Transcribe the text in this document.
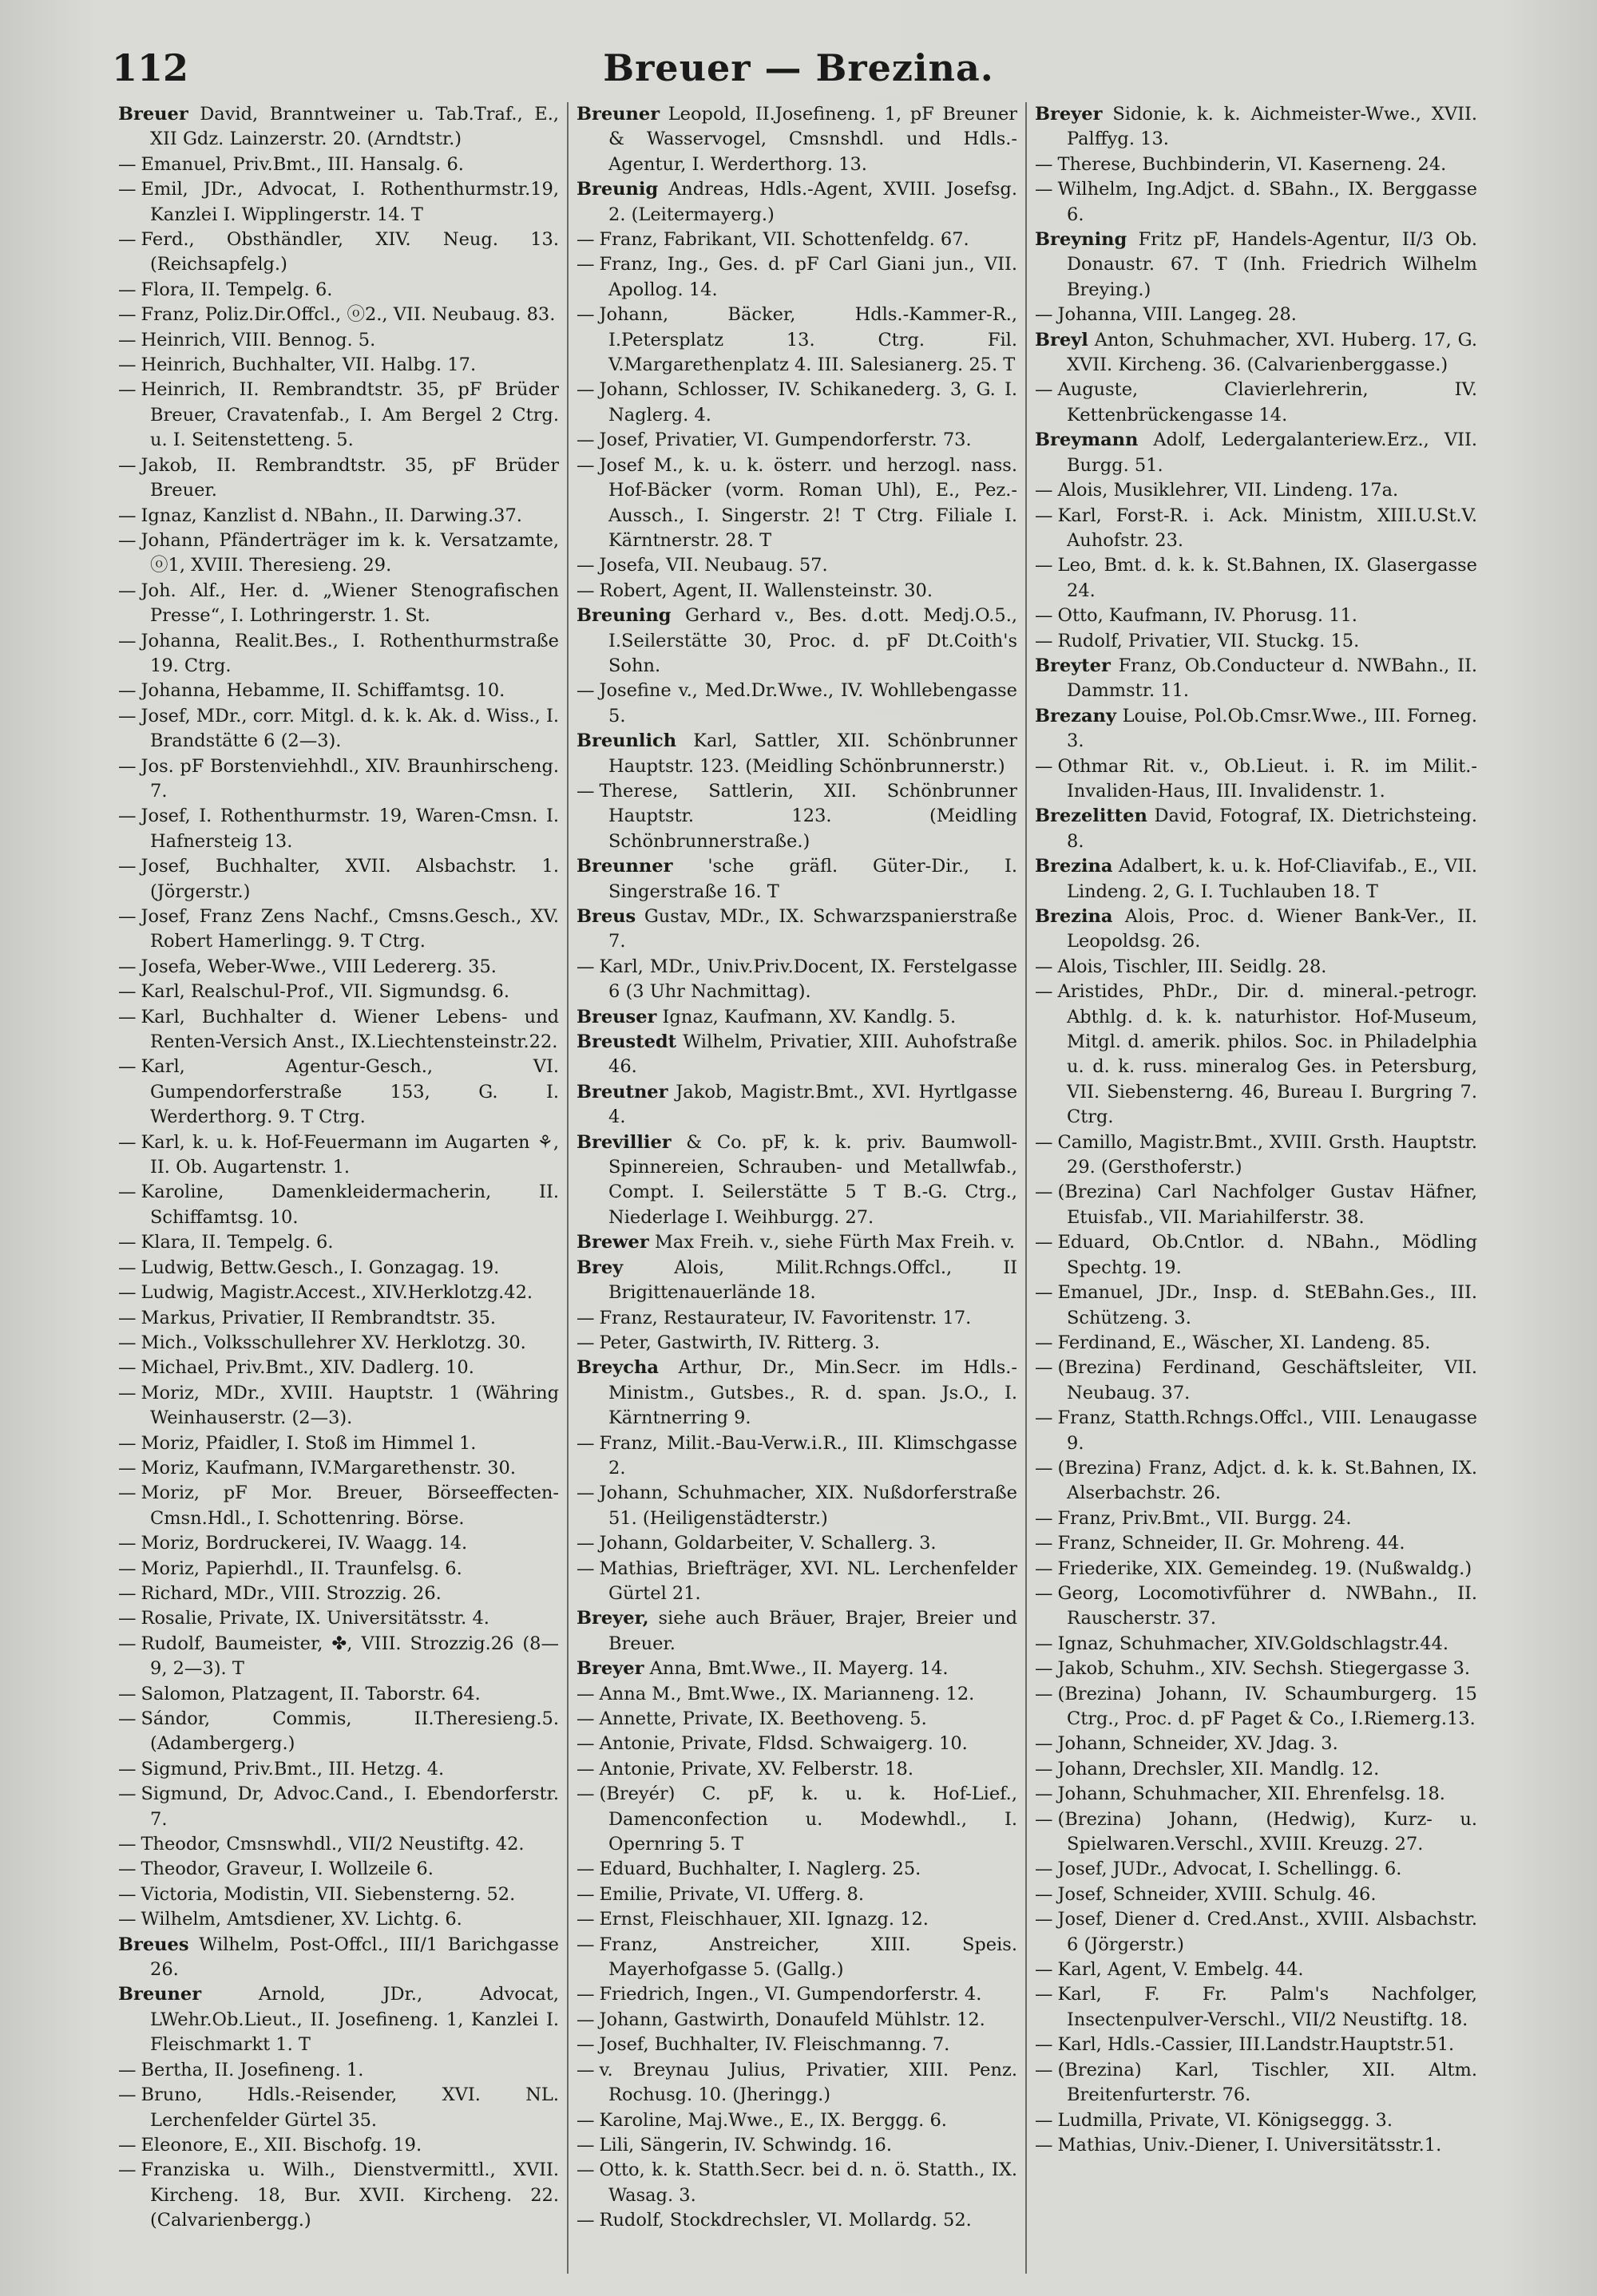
112	Breuer — Brezina.

Breuer David, Branntweiner u. Tab.Traf., E., XII Gdz. Lainzerstr. 20. (Arndtstr.)

— Emanuel, Priv.Bmt., III. Hansalg. 6.

— Emil, JDr., Advocat, I. Rothenthurmstr.19, Kanzlei I. Wipplingerstr. 14. T

— Ferd., Obsthändler, XIV. Neug. 13. (Reichsapfelg.)

— Flora, II. Tempelg. 6.

— Franz, Poliz.Dir.Offcl., ⓞ2., VII. Neubaug. 83.

— Heinrich, VIII. Bennog. 5.

— Heinrich, Buchhalter, VII. Halbg. 17.

— Heinrich, II. Rembrandtstr. 35, pF Brüder Breuer, Cravatenfab., I. Am Bergel 2 Ctrg. u. I. Seitenstetteng. 5.

— Jakob, II. Rembrandtstr. 35, pF Brüder Breuer.

— Ignaz, Kanzlist d. NBahn., II. Darwing.37.

— Johann, Pfänderträger im k. k. Versatzamte, ⓞ1, XVIII. Theresieng. 29.

— Joh. Alf., Her. d. „Wiener Stenografischen Presse“, I. Lothringerstr. 1. St.

— Johanna, Realit.Bes., I. Rothenthurmstraße 19. Ctrg.

— Johanna, Hebamme, II. Schiffamtsg. 10.

— Josef, MDr., corr. Mitgl. d. k. k. Ak. d. Wiss., I. Brandstätte 6 (2—3).

— Jos. pF Borstenviehhdl., XIV. Braunhirscheng. 7.

— Josef, I. Rothenthurmstr. 19, Waren-Cmsn. I. Hafnersteig 13.

— Josef, Buchhalter, XVII. Alsbachstr. 1. (Jörgerstr.)

— Josef, Franz Zens Nachf., Cmsns.Gesch., XV. Robert Hamerlingg. 9. T Ctrg.

— Josefa, Weber-Wwe., VIII Ledererg. 35.

— Karl, Realschul-Prof., VII. Sigmundsg. 6.

— Karl, Buchhalter d. Wiener Lebens- und Renten-Versich Anst., IX.Liechtensteinstr.22.

— Karl, Agentur-Gesch., VI. Gumpendorferstraße 153, G. I. Werderthorg. 9. T Ctrg.

— Karl, k. u. k. Hof-Feuermann im Augarten ⚘, II. Ob. Augartenstr. 1.

— Karoline, Damenkleidermacherin, II. Schiffamtsg. 10.

— Klara, II. Tempelg. 6.

— Ludwig, Bettw.Gesch., I. Gonzagag. 19.

— Ludwig, Magistr.Accest., XIV.Herklotzg.42.

— Markus, Privatier, II Rembrandtstr. 35.

— Mich., Volksschullehrer XV. Herklotzg. 30.

— Michael, Priv.Bmt., XIV. Dadlerg. 10.

— Moriz, MDr., XVIII. Hauptstr. 1 (Währing Weinhauserstr. (2—3).

— Moriz, Pfaidler, I. Stoß im Himmel 1.

— Moriz, Kaufmann, IV.Margarethenstr. 30.

— Moriz, pF Mor. Breuer, Börseeffecten-Cmsn.Hdl., I. Schottenring. Börse.

— Moriz, Bordruckerei, IV. Waagg. 14.

— Moriz, Papierhdl., II. Traunfelsg. 6.

— Richard, MDr., VIII. Strozzig. 26.

— Rosalie, Private, IX. Universitätsstr. 4.

— Rudolf, Baumeister, ✤, VIII. Strozzig.26 (8—9, 2—3). T

— Salomon, Platzagent, II. Taborstr. 64.

— Sándor, Commis, II.Theresieng.5. (Adambergerg.)

— Sigmund, Priv.Bmt., III. Hetzg. 4.

— Sigmund, Dr, Advoc.Cand., I. Ebendorferstr. 7.

— Theodor, Cmsnswhdl., VII/2 Neustiftg. 42.

— Theodor, Graveur, I. Wollzeile 6.

— Victoria, Modistin, VII. Siebensterng. 52.

— Wilhelm, Amtsdiener, XV. Lichtg. 6.

Breues Wilhelm, Post-Offcl., III/1 Barichgasse 26.

Breuner	Arnold, JDr., Advocat, LWehr.Ob.Lieut., II. Josefineng. 1, Kanzlei I. Fleischmarkt 1. T

— Bertha, II. Josefineng. 1.

— Bruno, Hdls.-Reisender, XVI. NL. Lerchenfelder Gürtel 35.

— Eleonore, E., XII. Bischofg. 19.

— Franziska u. Wilh., Dienstvermittl., XVII. Kircheng. 18, Bur. XVII. Kircheng. 22. (Calvarienbergg.)

Breuner Leopold, II.Josefineng. 1, pF Breuner & Wasservogel, Cmsnshdl. und Hdls.-Agentur, I. Werderthorg. 13.

Breunig Andreas, Hdls.-Agent, XVIII. Josefsg. 2. (Leitermayerg.)

— Franz, Fabrikant, VII. Schottenfeldg. 67.

— Franz, Ing., Ges. d. pF Carl Giani jun., VII. Apollog. 14.

— Johann, Bäcker, Hdls.-Kammer-R., I.Petersplatz 13. Ctrg. Fil. V.Margarethenplatz 4. III. Salesianerg. 25. T

— Johann, Schlosser, IV. Schikanederg. 3, G. I. Naglerg. 4.

— Josef, Privatier, VI. Gumpendorferstr. 73.

— Josef M., k. u. k. österr. und herzogl. nass. Hof-Bäcker (vorm. Roman Uhl), E., Pez.-Aussch., I. Singerstr. 2! T Ctrg. Filiale I. Kärntnerstr. 28. T

— Josefa, VII. Neubaug. 57.

— Robert, Agent, II. Wallensteinstr. 30.

Breuning Gerhard v., Bes. d.ott. Medj.O.5., I.Seilerstätte 30, Proc. d. pF Dt.Coith's Sohn.

— Josefine v., Med.Dr.Wwe., IV. Wohllebengasse 5.

Breunlich Karl, Sattler, XII. Schönbrunner Hauptstr. 123. (Meidling Schönbrunnerstr.)

— Therese, Sattlerin, XII. Schönbrunner Hauptstr. 123. (Meidling Schönbrunnerstraße.)

Breunner 'sche gräfl. Güter-Dir., I. Singerstraße 16. T

Breus Gustav, MDr., IX. Schwarzspanierstraße 7.

— Karl, MDr., Univ.Priv.Docent, IX. Ferstelgasse 6 (3 Uhr Nachmittag).

Breuser Ignaz, Kaufmann, XV. Kandlg. 5.

Breustedt Wilhelm, Privatier, XIII. Auhofstraße 46.

Breutner Jakob, Magistr.Bmt., XVI. Hyrtlgasse 4.

Brevillier & Co. pF, k. k. priv. Baumwoll-Spinnereien, Schrauben- und Metallwfab., Compt. I. Seilerstätte 5 T B.-G. Ctrg., Niederlage I. Weihburgg. 27.

Brewer Max Freih. v., siehe Fürth Max Freih. v.

Brey	Alois, Milit.Rchngs.Offcl., II Brigittenauerlände 18.

— Franz, Restaurateur, IV. Favoritenstr. 17.

— Peter, Gastwirth, IV. Ritterg. 3.

Breycha Arthur, Dr., Min.Secr. im Hdls.-Ministm., Gutsbes., R. d. span. Js.O., I. Kärntnerring 9.

— Franz, Milit.-Bau-Verw.i.R., III. Klimschgasse 2.

— Johann, Schuhmacher, XIX. Nußdorferstraße 51. (Heiligenstädterstr.)

— Johann, Goldarbeiter, V. Schallerg. 3.

— Mathias, Briefträger, XVI. NL. Lerchenfelder Gürtel 21.

Breyer, siehe auch Bräuer, Brajer, Breier und Breuer.

Breyer Anna, Bmt.Wwe., II. Mayerg. 14.

— Anna M., Bmt.Wwe., IX. Marianneng. 12.

— Annette, Private, IX. Beethoveng. 5.

— Antonie, Private, Fldsd. Schwaigerg. 10.

— Antonie, Private, XV. Felberstr. 18.

— (Breyér) C. pF, k. u. k. Hof-Lief., Damenconfection u. Modewhdl., I. Opernring 5. T

— Eduard, Buchhalter, I. Naglerg. 25.

— Emilie, Private, VI. Ufferg. 8.

— Ernst, Fleischhauer, XII. Ignazg. 12.

— Franz, Anstreicher, XIII. Speis. Mayerhofgasse 5. (Gallg.)

— Friedrich, Ingen., VI. Gumpendorferstr. 4.

— Johann, Gastwirth, Donaufeld Mühlstr. 12.

— Josef, Buchhalter, IV. Fleischmanng. 7.

— v. Breynau Julius, Privatier, XIII. Penz. Rochusg. 10. (Jheringg.)

— Karoline, Maj.Wwe., E., IX. Berggg. 6.

— Lili, Sängerin, IV. Schwindg. 16.

— Otto, k. k. Statth.Secr. bei d. n. ö. Statth., IX. Wasag. 3.

— Rudolf, Stockdrechsler, VI. Mollardg. 52.

Breyer Sidonie, k. k. Aichmeister-Wwe., XVII. Palffyg. 13.

— Therese, Buchbinderin, VI. Kaserneng. 24.

— Wilhelm, Ing.Adjct. d. SBahn., IX. Berggasse 6.

Breyning Fritz pF, Handels-Agentur, II/3 Ob. Donaustr. 67. T (Inh. Friedrich Wilhelm Breying.)

— Johanna, VIII. Langeg. 28.

Breyl Anton, Schuhmacher, XVI. Huberg. 17, G. XVII. Kircheng. 36. (Calvarienberggasse.)

— Auguste, Clavierlehrerin, IV. Kettenbrückengasse 14.

Breymann Adolf, Ledergalanteriew.Erz., VII. Burgg. 51.

— Alois, Musiklehrer, VII. Lindeng. 17a.

— Karl, Forst-R. i. Ack. Ministm, XIII.U.St.V. Auhofstr. 23.

— Leo, Bmt. d. k. k. St.Bahnen, IX. Glasergasse 24.

— Otto, Kaufmann, IV. Phorusg. 11.

— Rudolf, Privatier, VII. Stuckg. 15.

Breyter Franz, Ob.Conducteur d. NWBahn., II. Dammstr. 11.

Brezany Louise, Pol.Ob.Cmsr.Wwe., III. Forneg. 3.

— Othmar Rit. v., Ob.Lieut. i. R. im Milit.-Invaliden-Haus, III. Invalidenstr. 1.

Brezelitten David, Fotograf, IX. Dietrichsteing. 8.

Brezina Adalbert, k. u. k. Hof-Cliavifab., E., VII. Lindeng. 2, G. I. Tuchlauben 18. T

Brezina Alois, Proc. d. Wiener Bank-Ver., II. Leopoldsg. 26.

— Alois, Tischler, III. Seidlg. 28.

— Aristides, PhDr., Dir. d. mineral.-petrogr. Abthlg. d. k. k. naturhistor. Hof-Museum, Mitgl. d. amerik. philos. Soc. in Philadelphia u. d. k. russ. mineralog Ges. in Petersburg, VII. Siebensterng. 46, Bureau I. Burgring 7. Ctrg.

— Camillo, Magistr.Bmt., XVIII. Grsth. Hauptstr. 29. (Gersthoferstr.)

— (Brezina) Carl Nachfolger Gustav Häfner, Etuisfab., VII. Mariahilferstr. 38.

— Eduard, Ob.Cntlor. d. NBahn., Mödling Spechtg. 19.

— Emanuel, JDr., Insp. d. StEBahn.Ges., III. Schützeng. 3.

— Ferdinand, E., Wäscher, XI. Landeng. 85.

— (Brezina) Ferdinand, Geschäftsleiter, VII. Neubaug. 37.

— Franz, Statth.Rchngs.Offcl., VIII. Lenaugasse 9.

— (Brezina) Franz, Adjct. d. k. k. St.Bahnen, IX. Alserbachstr. 26.

— Franz, Priv.Bmt., VII. Burgg. 24.

— Franz, Schneider, II. Gr. Mohreng. 44.

— Friederike, XIX. Gemeindeg. 19. (Nußwaldg.)

— Georg, Locomotivführer d. NWBahn., II. Rauscherstr. 37.

— Ignaz, Schuhmacher, XIV.Goldschlagstr.44.

— Jakob, Schuhm., XIV. Sechsh. Stiegergasse 3.

— (Brezina) Johann, IV. Schaumburgerg. 15 Ctrg., Proc. d. pF Paget & Co., I.Riemerg.13.

— Johann, Schneider, XV. Jdag. 3.

— Johann, Drechsler, XII. Mandlg. 12.

— Johann, Schuhmacher, XII. Ehrenfelsg. 18.

— (Brezina) Johann, (Hedwig), Kurz- u. Spielwaren.Verschl., XVIII. Kreuzg. 27.

— Josef, JUDr., Advocat, I. Schellingg. 6.

— Josef, Schneider, XVIII. Schulg. 46.

— Josef, Diener d. Cred.Anst., XVIII. Alsbachstr. 6 (Jörgerstr.)

— Karl, Agent, V. Embelg. 44.

— Karl, F. Fr. Palm's Nachfolger, Insectenpulver-Verschl., VII/2 Neustiftg. 18.

— Karl, Hdls.-Cassier, III.Landstr.Hauptstr.51.

— (Brezina) Karl, Tischler, XII. Altm. Breitenfurterstr. 76.

— Ludmilla, Private, VI. Königseggg. 3.

— Mathias, Univ.-Diener, I. Universitätsstr.1.
